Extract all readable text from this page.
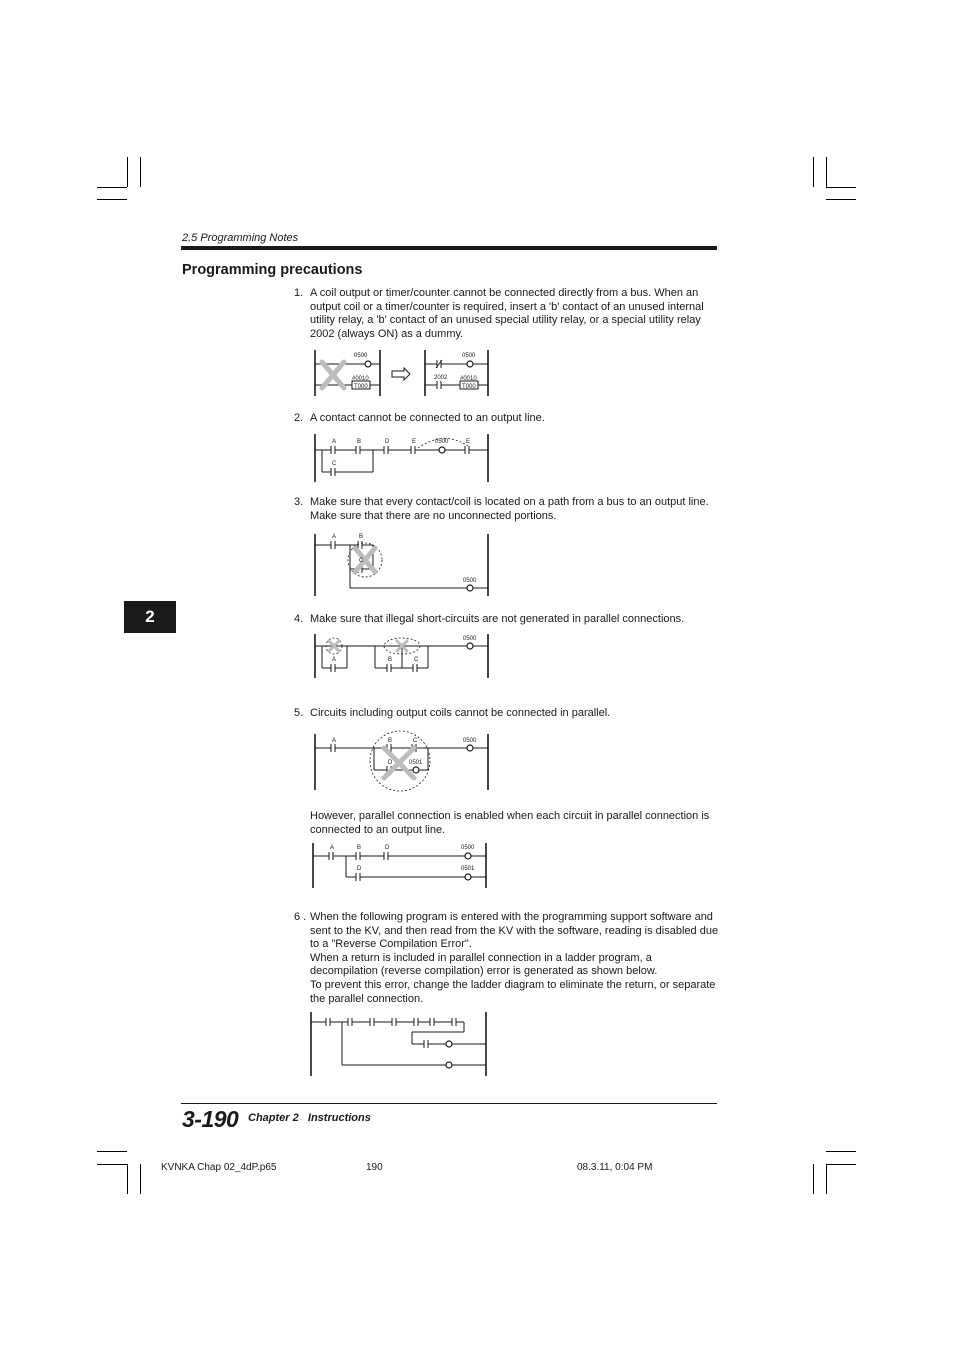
2.5 Programming Notes
Programming precautions
2
1. A coil output or timer/counter cannot be connected directly from a bus. When an output coil or a timer/counter is required, insert a 'b' contact of an unused internal utility relay, a 'b' contact of an unused special utility relay, or a special utility relay 2002 (always ON) as a dummy.

0500
#0010
T000
0500
2002 #0010
T000
2. A contact cannot be connected to an output line.

A	B	D	E	0500	E
C
3. Make sure that every contact/coil is located on a path from a bus to an output line. Make sure that there are no unconnected portions.

A	B
C
0500
4. Make sure that illegal short-circuits are not generated in parallel connections.

A	B	C
0500
5. Circuits including output coils cannot be connected in parallel.

A	B	C
D	0501
0500
However, parallel connection is enabled when each circuit in parallel connection is connected to an output line.
A	B	D
D
0500
0501
6 . When the following program is entered with the programming support software and sent to the KV, and then read from the KV with the software, reading is disabled due to a "Reverse Compilation Error".

When a return is included in parallel connection in a ladder program, a decompilation (reverse compilation) error is generated as shown below.

To prevent this error, change the ladder diagram to eliminate the return, or separate the parallel connection.

3-190 Chapter 2   Instructions
KVNKA Chap 02_4dP.p65	190	08.3.11, 0:04 PM
